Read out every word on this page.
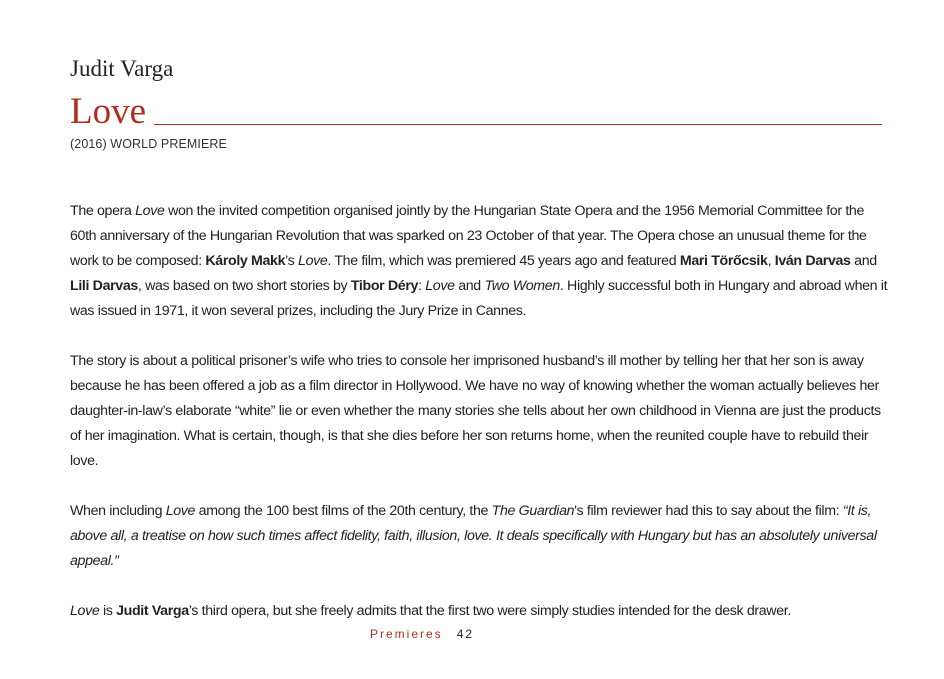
Judit Varga
Love
(2016) WORLD PREMIERE

The opera Love won the invited competition organised jointly by the Hungarian State Opera and the 1956 Memorial Committee for the 60th anniversary of the Hungarian Revolution that was sparked on 23 October of that year. The Opera chose an unusual theme for the work to be composed: Károly Makk’s Love. The film, which was premiered 45 years ago and featured Mari Törőcsik, Iván Darvas and Lili Darvas, was based on two short stories by Tibor Déry: Love and Two Women. Highly successful both in Hungary and abroad when it was issued in 1971, it won several prizes, including the Jury Prize in Cannes.

The story is about a political prisoner’s wife who tries to console her imprisoned husband’s ill mother by telling her that her son is away because he has been offered a job as a film director in Hollywood. We have no way of knowing whether the woman actually believes her daughter-in-law’s elaborate “white” lie or even whether the many stories she tells about her own childhood in Vienna are just the products of her imagination. What is certain, though, is that she dies before her son returns home, when the reunited couple have to rebuild their love.

When including Love among the 100 best films of the 20th century, the The Guardian's film reviewer had this to say about the film: “It is, above all, a treatise on how such times affect fidelity, faith, illusion, love. It deals specifically with Hungary but has an absolutely universal appeal.”

Love is Judit Varga’s third opera, but she freely admits that the first two were simply studies intended for the desk drawer.

Premieres 42
